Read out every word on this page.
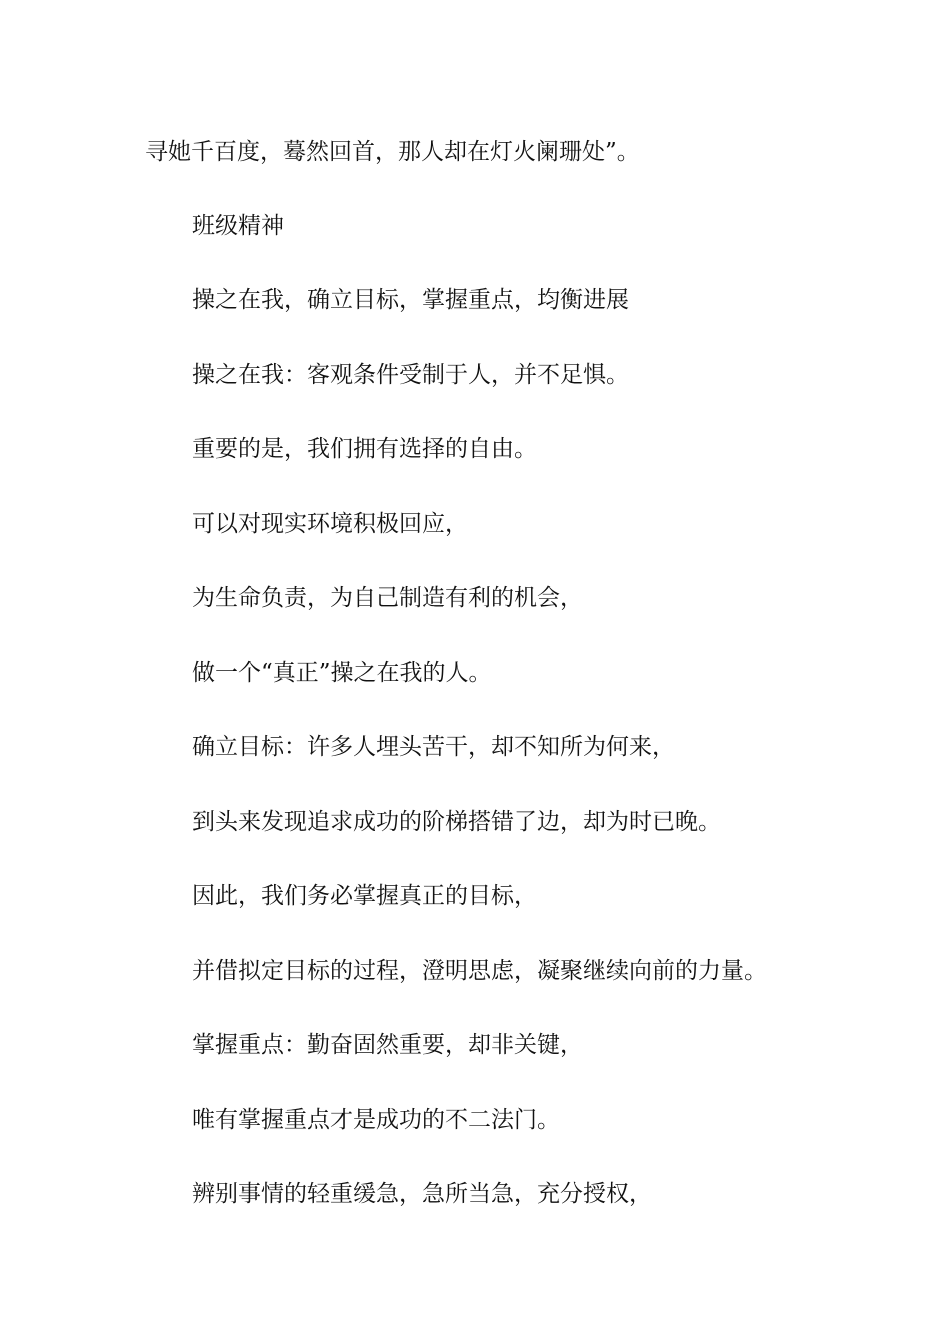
寻她千百度，蓦然回首，那人却在灯火阑珊处”。

班级精神

操之在我，确立目标，掌握重点，均衡进展

操之在我：客观条件受制于人，并不足惧。

重要的是，我们拥有选择的自由。

可以对现实环境积极回应，

为生命负责，为自己制造有利的机会，

做一个“真正”操之在我的人。

确立目标：许多人埋头苦干，却不知所为何来，

到头来发现追求成功的阶梯搭错了边，却为时已晚。

因此，我们务必掌握真正的目标，

并借拟定目标的过程，澄明思虑，凝聚继续向前的力量。

掌握重点：勤奋固然重要，却非关键，

唯有掌握重点才是成功的不二法门。

辨别事情的轻重缓急，急所当急，充分授权，
